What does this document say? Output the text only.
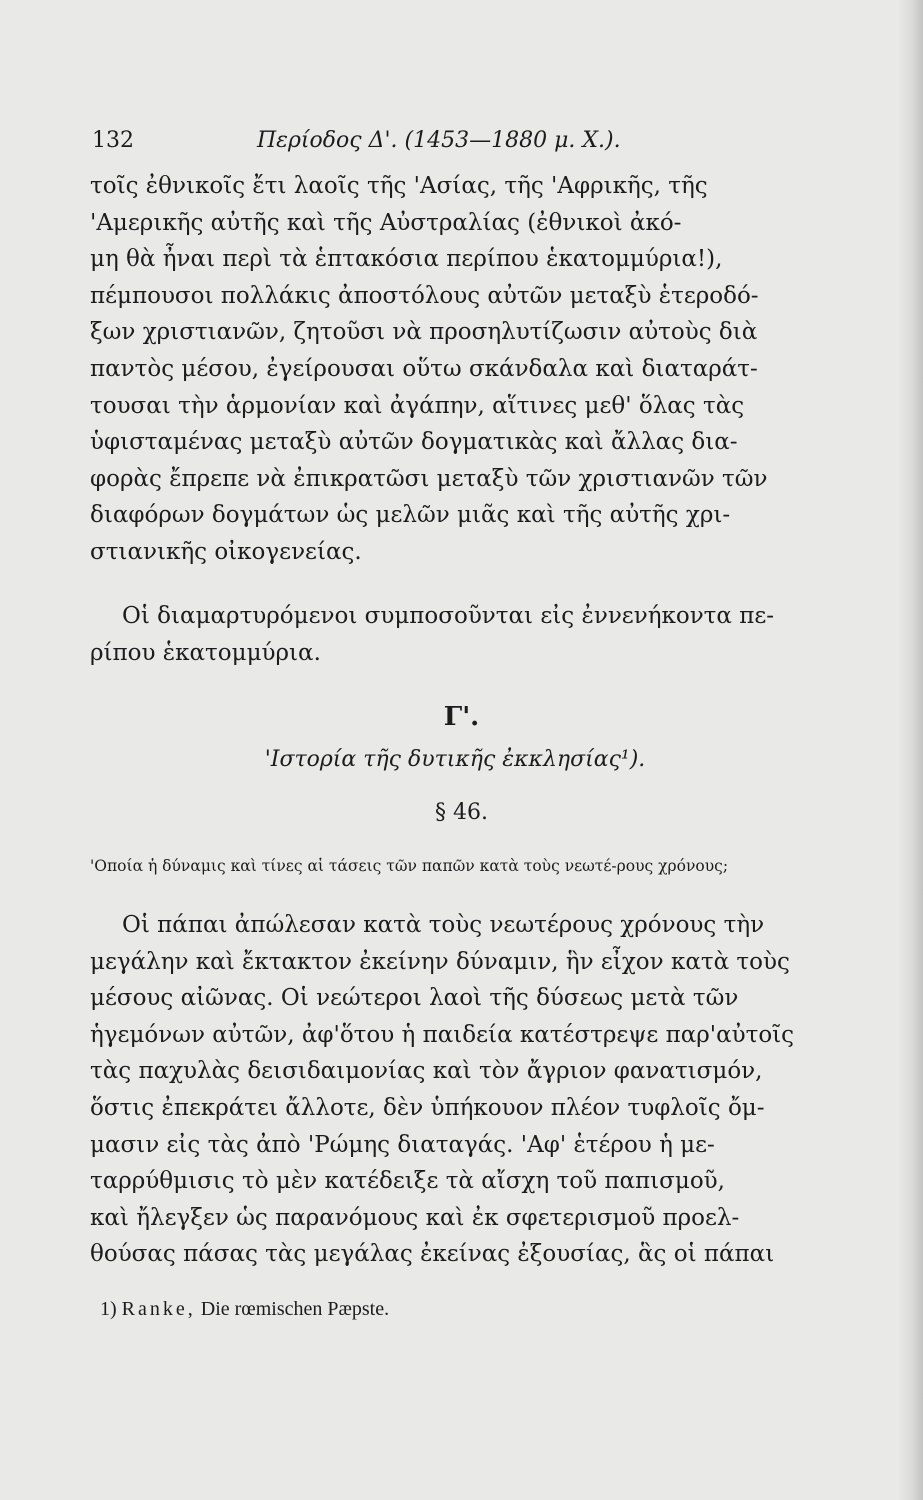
132	Περίοδος Δ'. (1453—1880 μ. Χ.).
τοῖς ἐθνικοῖς ἔτι λαοῖς τῆς 'Ασίας, τῆς 'Αφρικῆς, τῆς
'Αμερικῆς αὐτῆς καὶ τῆς Αὐστραλίας (ἐθνικοὶ ἀκό-
μη θὰ ἦναι περὶ τὰ ἑπτακόσια περίπου ἑκατομμύρια!),
πέμπουσοι πολλάκις ἀποστόλους αὐτῶν μεταξὺ ἑτεροδό-
ξων χριστιανῶν, ζητοῦσι νὰ προσηλυτίζωσιν αὐτοὺς διὰ
παντὸς μέσου, ἐγείρουσαι οὕτω σκάνδαλα καὶ διαταράτ-
τουσαι τὴν ἁρμονίαν καὶ ἀγάπην, αἵτινες μεθ' ὅλας τὰς
ὑφισταμένας μεταξὺ αὐτῶν δογματικὰς καὶ ἄλλας δια-
φορὰς ἔπρεπε νὰ ἐπικρατῶσι μεταξὺ τῶν χριστιανῶν τῶν
διαφόρων δογμάτων ὡς μελῶν μιᾶς καὶ τῆς αὐτῆς χρι-
στιανικῆς οἰκογενείας.
Οἱ διαμαρτυρόμενοι συμποσοῦνται εἰς ἐννενήκοντα πε-
ρίπου ἑκατομμύρια.
Γ'.
'Ιστορία τῆς δυτικῆς ἐκκλησίας¹).
§ 46.
'Οποία ἡ δύναμις καὶ τίνες αἱ τάσεις τῶν παπῶν κατὰ τοὺς νεωτέ-ρους χρόνους;
Οἱ πάπαι ἀπώλεσαν κατὰ τοὺς νεωτέρους χρόνους τὴν
μεγάλην καὶ ἔκτακτον ἐκείνην δύναμιν, ἣν εἶχον κατὰ τοὺς
μέσους αἰῶνας. Οἱ νεώτεροι λαοὶ τῆς δύσεως μετὰ τῶν
ἡγεμόνων αὐτῶν, ἀφ'ὅτου ἡ παιδεία κατέστρεψε παρ'αὐτοῖς
τὰς παχυλὰς δεισιδαιμονίας καὶ τὸν ἄγριον φανατισμόν,
ὅστις ἐπεκράτει ἄλλοτε, δὲν ὑπήκουον πλέον τυφλοῖς ὄμ-
μασιν εἰς τὰς ἀπὸ 'Ρώμης διαταγάς. 'Αφ' ἑτέρου ἡ με-
ταρρύθμισις τὸ μὲν κατέδειξε τὰ αἴσχη τοῦ παπισμοῦ,
καὶ ἤλεγξεν ὡς παρανόμους καὶ ἐκ σφετερισμοῦ προελ-
θούσας πάσας τὰς μεγάλας ἐκείνας ἐξουσίας, ἃς οἱ πάπαι
1) Ranke, Die rœmischen Pæpste.
